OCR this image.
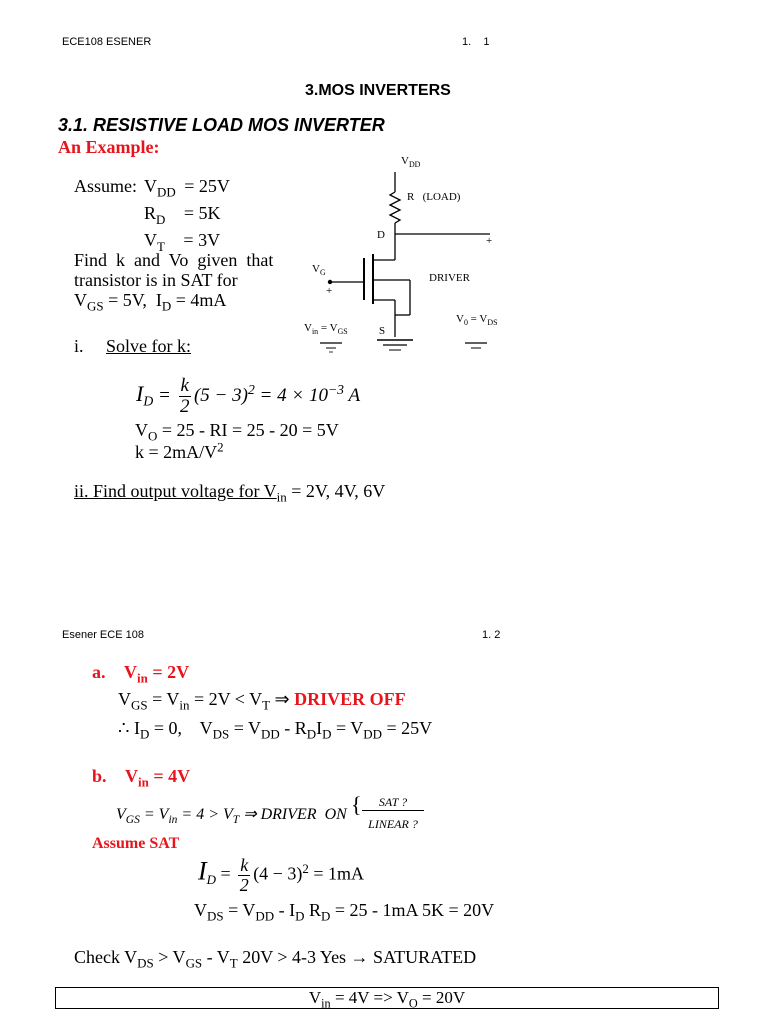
ECE108 ESENER	1.    1
3.MOS INVERTERS
3.1. RESISTIVE LOAD MOS INVERTER
An Example:
Assume: $V_{DD} = 25V$
$R_D = 5K$
$V_T = 3V$
Find  k  and  Vo  given  that
transistor is in SAT for
$V_{GS} = 5V$,  $I_D = 4mA$
$V_{DD}$
R   (LOAD)
D	+
$V_G$
+
DRIVER
$V_{in} = V_{GS}$	S
$V_0 = V_{DS}$
i. Solve for k:
$I_D = \frac{k}{2} (5 - 3)^2 = 4 \times 10^{-3}$ A
$V_O = 25$ - RI = 25 - 20 = 5V
$k = 2mA/V^2$
ii. Find output voltage for $V_{in} = 2V$, 4V, 6V
Esener ECE 108	1. 2
a. $V_{in} = 2V$
$V_{GS} = V_{in} = 2V < V_T$ ⇒ DRIVER OFF
∴ $I_D = 0$,    $V_{DS} = V_{DD} - R_DI_D = V_{DD} = 25V$
b. $V_{in} = 4V$
$V_{GS} = V_{in} = 4 > V_T$ ⇒ DRIVER  ON {	SAT ?
LINEAR ?
Assume SAT
$I_D = \frac{k}{2} (4 - 3)^2 = 1mA$
$V_{DS} = V_{DD} - I_D$ $R_D = 25 - 1mA$ 5K = 20V
Check $V_{DS} > V_{GS} - V_T$ 20V > 4-3 Yes → SATURATED
$V_{in} = 4V => V_O = 20V$
